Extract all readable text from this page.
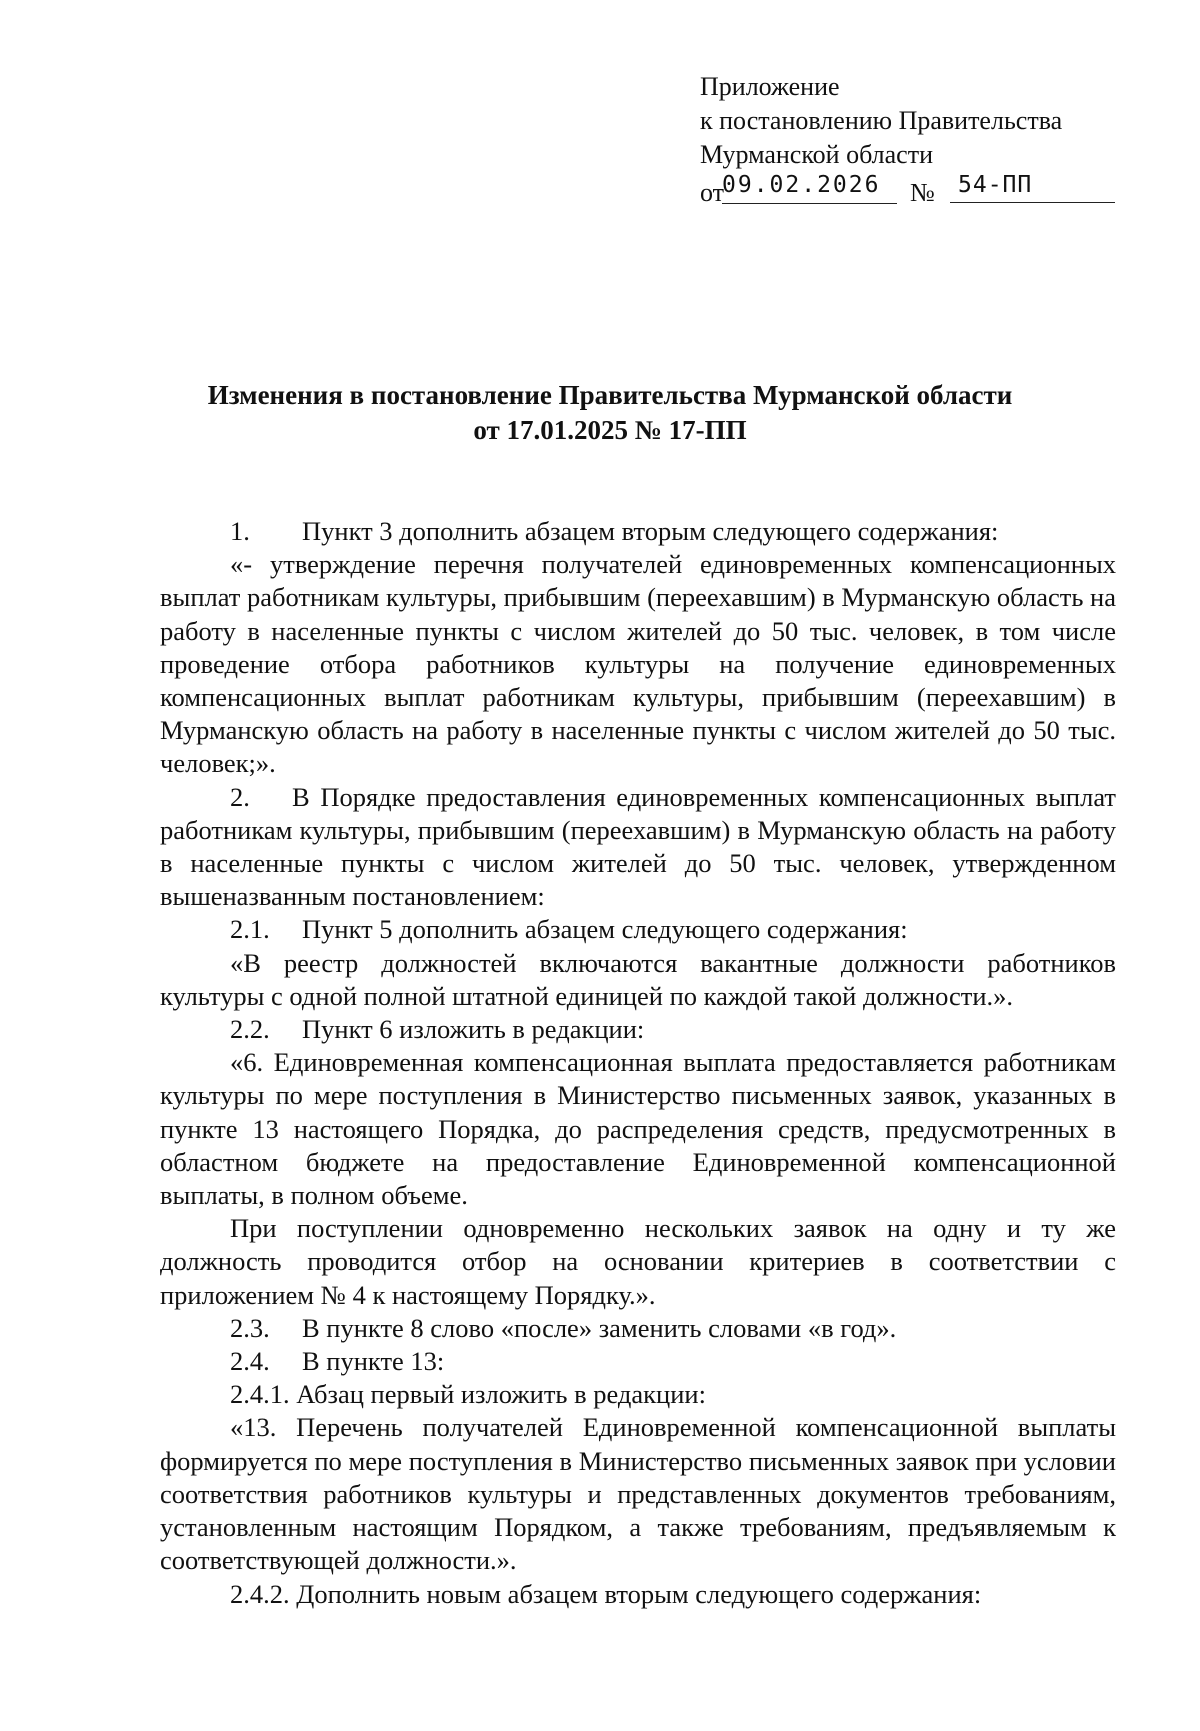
Приложение
к постановлению Правительства
Мурманской области
от
09.02.2026	№	54-ПП
Изменения в постановление Правительства Мурманской области
от 17.01.2025 № 17-ПП

1. Пункт 3 дополнить абзацем вторым следующего содержания:

«- утверждение перечня получателей единовременных компенсационных выплат работникам культуры, прибывшим (переехавшим) в Мурманскую область на работу в населенные пункты с числом жителей до 50 тыс. человек, в том числе проведение отбора работников культуры на получение единовременных компенсационных выплат работникам культуры, прибывшим (переехавшим) в Мурманскую область на работу в населенные пункты с числом жителей до 50 тыс. человек;».

2. В Порядке предоставления единовременных компенсационных выплат работникам культуры, прибывшим (переехавшим) в Мурманскую область на работу в населенные пункты с числом жителей до 50 тыс. человек, утвержденном вышеназванным постановлением:

2.1. Пункт 5 дополнить абзацем следующего содержания:

«В реестр должностей включаются вакантные должности работников культуры с одной полной штатной единицей по каждой такой должности.».

2.2. Пункт 6 изложить в редакции:

«6. Единовременная компенсационная выплата предоставляется работникам культуры по мере поступления в Министерство письменных заявок, указанных в пункте 13 настоящего Порядка, до распределения средств, предусмотренных в областном бюджете на предоставление Единовременной компенсационной выплаты, в полном объеме.

При поступлении одновременно нескольких заявок на одну и ту же должность проводится отбор на основании критериев в соответствии с приложением № 4 к настоящему Порядку.».

2.3. В пункте 8 слово «после» заменить словами «в год».

2.4. В пункте 13:

2.4.1. Абзац первый изложить в редакции:

«13. Перечень получателей Единовременной компенсационной выплаты формируется по мере поступления в Министерство письменных заявок при условии соответствия работников культуры и представленных документов требованиям, установленным настоящим Порядком, а также требованиям, предъявляемым к соответствующей должности.».

2.4.2. Дополнить новым абзацем вторым следующего содержания:
